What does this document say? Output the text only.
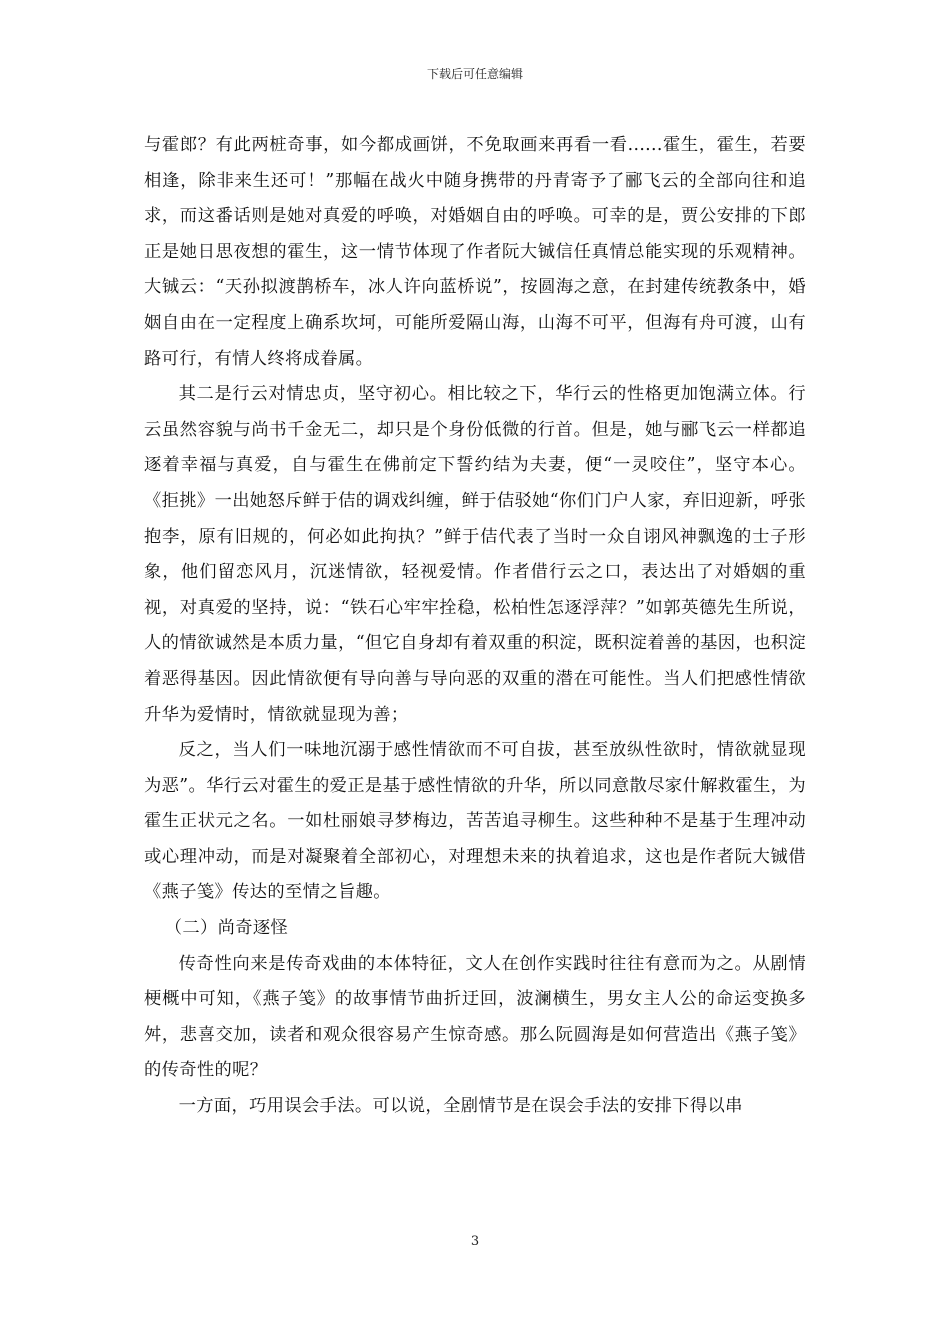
下载后可任意编辑

与霍郎？有此两桩奇事，如今都成画饼，不免取画来再看一看......霍生，霍生，若要相逢，除非来生还可！”那幅在战火中随身携带的丹青寄予了郦飞云的全部向往和追求，而这番话则是她对真爱的呼唤，对婚姻自由的呼唤。可幸的是，贾公安排的下郎正是她日思夜想的霍生，这一情节体现了作者阮大铖信任真情总能实现的乐观精神。大铖云：“天孙拟渡鹊桥车，冰人许向蓝桥说”，按圆海之意，在封建传统教条中，婚姻自由在一定程度上确系坎坷，可能所爱隔山海，山海不可平，但海有舟可渡，山有路可行，有情人终将成眷属。

其二是行云对情忠贞，坚守初心。相比较之下，华行云的性格更加饱满立体。行云虽然容貌与尚书千金无二，却只是个身份低微的行首。但是，她与郦飞云一样都追逐着幸福与真爱，自与霍生在佛前定下誓约结为夫妻，便“一灵咬住”，坚守本心。《拒挑》一出她怒斥鲜于佶的调戏纠缠，鲜于佶驳她“你们门户人家，弃旧迎新，呼张抱李，原有旧规的，何必如此拘执？”鲜于佶代表了当时一众自诩风神飘逸的士子形象，他们留恋风月，沉迷情欲，轻视爱情。作者借行云之口，表达出了对婚姻的重视，对真爱的坚持，说：“铁石心牢牢拴稳，松柏性怎逐浮萍？”如郭英德先生所说，人的情欲诚然是本质力量，“但它自身却有着双重的积淀，既积淀着善的基因，也积淀着恶得基因。因此情欲便有导向善与导向恶的双重的潜在可能性。当人们把感性情欲升华为爱情时，情欲就显现为善；

反之，当人们一味地沉溺于感性情欲而不可自拔，甚至放纵性欲时，情欲就显现为恶”。华行云对霍生的爱正是基于感性情欲的升华，所以同意散尽家什解救霍生，为霍生正状元之名。一如杜丽娘寻梦梅边，苦苦追寻柳生。这些种种不是基于生理冲动或心理冲动，而是对凝聚着全部初心，对理想未来的执着追求，这也是作者阮大铖借《燕子笺》传达的至情之旨趣。

（二）尚奇逐怪

传奇性向来是传奇戏曲的本体特征，文人在创作实践时往往有意而为之。从剧情梗概中可知，《燕子笺》的故事情节曲折迂回，波澜横生，男女主人公的命运变换多舛，悲喜交加，读者和观众很容易产生惊奇感。那么阮圆海是如何营造出《燕子笺》的传奇性的呢？

一方面，巧用误会手法。可以说，全剧情节是在误会手法的安排下得以串

3
